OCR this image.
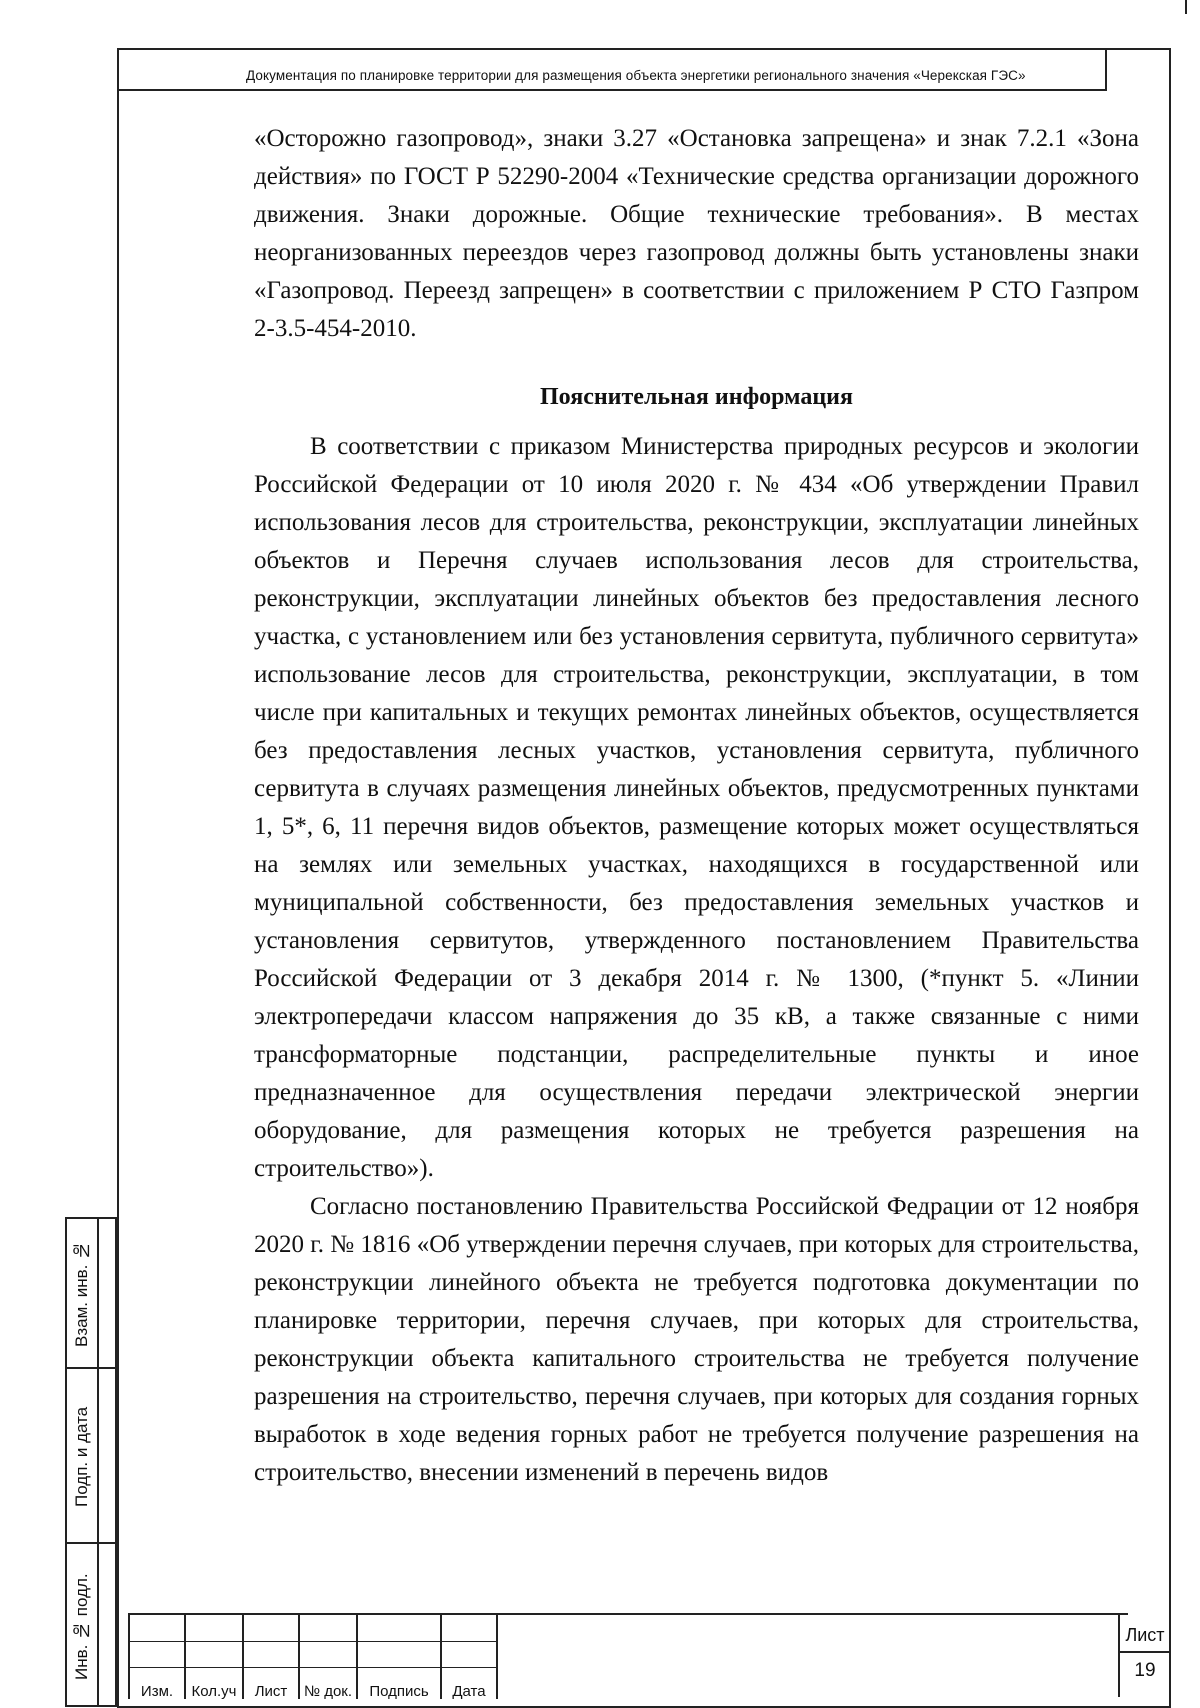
Документация по планировке территории для размещения объекта энергетики регионального значения «Черекская ГЭС»

«Осторожно газопровод», знаки 3.27 «Остановка запрещена» и знак 7.2.1 «Зона действия» по ГОСТ Р 52290-2004 «Технические средства организации дорожного движения. Знаки дорожные. Общие технические требования». В местах неорганизованных переездов через газопровод должны быть установлены знаки «Газопровод. Переезд запрещен» в соответствии с приложением Р СТО Газпром 2-3.5-454-2010.

Пояснительная информация

В соответствии с приказом Министерства природных ресурсов и экологии Российской Федерации от 10 июля 2020 г. № 434 «Об утверждении Правил использования лесов для строительства, реконструкции, эксплуатации линейных объектов и Перечня случаев использования лесов для строительства, реконструкции, эксплуатации линейных объектов без предоставления лесного участка, с установлением или без установления сервитута, публичного сервитута» использование лесов для строительства, реконструкции, эксплуатации, в том числе при капитальных и текущих ремонтах линейных объектов, осуществляется без предоставления лесных участков, установления сервитута, публичного сервитута в случаях размещения линейных объектов, предусмотренных пунктами 1, 5*, 6, 11 перечня видов объектов, размещение которых может осуществляться на землях или земельных участках, находящихся в государственной или муниципальной собственности, без предоставления земельных участков и установления сервитутов, утвержденного постановлением Правительства Российской Федерации от 3 декабря 2014 г. № 1300, (*пункт 5. «Линии электропередачи классом напряжения до 35 кВ, а также связанные с ними трансформаторные подстанции, распределительные пункты и иное предназначенное для осуществления передачи электрической энергии оборудование, для размещения которых не требуется разрешения на строительство»).

Согласно постановлению Правительства Российской Федрации от 12 ноября 2020 г. № 1816 «Об утверждении перечня случаев, при которых для строительства, реконструкции линейного объекта не требуется подготовка документации по планировке территории, перечня случаев, при которых для строительства, реконструкции объекта капитального строительства не требуется получение разрешения на строительство, перечня случаев, при которых для создания горных выработок в ходе ведения горных работ не требуется получение разрешения на строительство, внесении изменений в перечень видов

Взам. инв. №
Подп. и дата
Инв. № подл.
Изм.	Кол.уч	Лист	№ док.	Подпись	Дата
Лист
19
